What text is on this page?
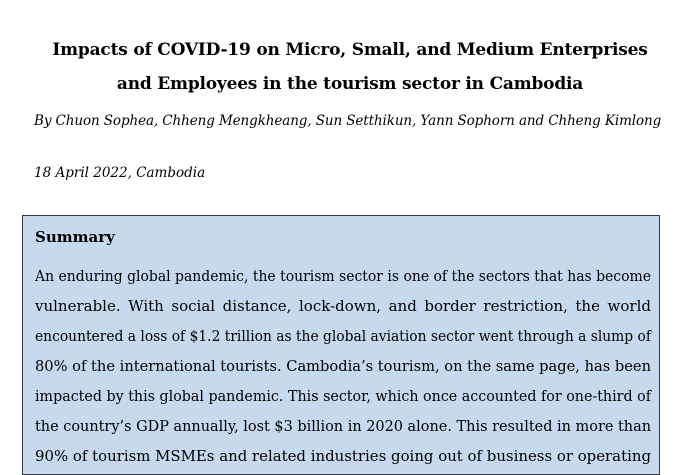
Impacts of COVID-19 on Micro, Small, and Medium Enterprises
and Employees in the tourism sector in Cambodia
By Chuon Sophea, Chheng Mengkheang, Sun Setthikun, Yann Sophorn and Chheng Kimlong
18 April 2022, Cambodia
Summary
An enduring global pandemic, the tourism sector is one of the sectors that has become
vulnerable. With social distance, lock-down, and border restriction, the world
encountered a loss of $1.2 trillion as the global aviation sector went through a slump of
80% of the international tourists. Cambodia’s tourism, on the same page, has been
impacted by this global pandemic. This sector, which once accounted for one-third of
the country’s GDP annually, lost $3 billion in 2020 alone. This resulted in more than
90% of tourism MSMEs and related industries going out of business or operating
